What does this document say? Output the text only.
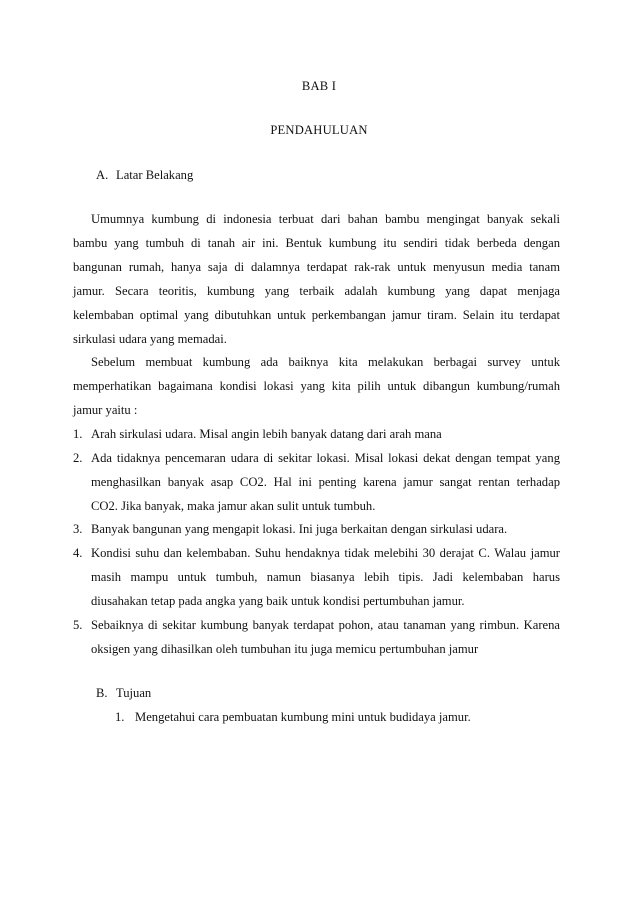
BAB I
PENDAHULUAN
A. Latar Belakang
Umumnya kumbung di indonesia terbuat dari bahan bambu mengingat banyak sekali
bambu yang tumbuh di tanah air ini. Bentuk kumbung itu sendiri tidak berbeda dengan
bangunan rumah, hanya saja di dalamnya terdapat rak-rak untuk menyusun media tanam
jamur. Secara teoritis, kumbung yang terbaik adalah kumbung yang dapat menjaga
kelembaban optimal yang dibutuhkan untuk perkembangan jamur tiram. Selain itu terdapat
sirkulasi udara yang memadai.
Sebelum membuat kumbung ada baiknya kita melakukan berbagai survey untuk
memperhatikan bagaimana kondisi lokasi yang kita pilih untuk dibangun kumbung/rumah
jamur yaitu :
1. Arah sirkulasi udara. Misal angin lebih banyak datang dari arah mana
2. Ada tidaknya pencemaran udara di sekitar lokasi. Misal lokasi dekat dengan tempat yang
menghasilkan banyak asap CO2. Hal ini penting karena jamur sangat rentan terhadap
CO2. Jika banyak, maka jamur akan sulit untuk tumbuh.
3. Banyak bangunan yang mengapit lokasi. Ini juga berkaitan dengan sirkulasi udara.
4. Kondisi suhu dan kelembaban. Suhu hendaknya tidak melebihi 30 derajat C. Walau jamur
masih mampu untuk tumbuh, namun biasanya lebih tipis. Jadi kelembaban harus
diusahakan tetap pada angka yang baik untuk kondisi pertumbuhan jamur.
5. Sebaiknya di sekitar kumbung banyak terdapat pohon, atau tanaman yang rimbun. Karena
oksigen yang dihasilkan oleh tumbuhan itu juga memicu pertumbuhan jamur
B. Tujuan
1. Mengetahui cara pembuatan kumbung mini untuk budidaya jamur.
